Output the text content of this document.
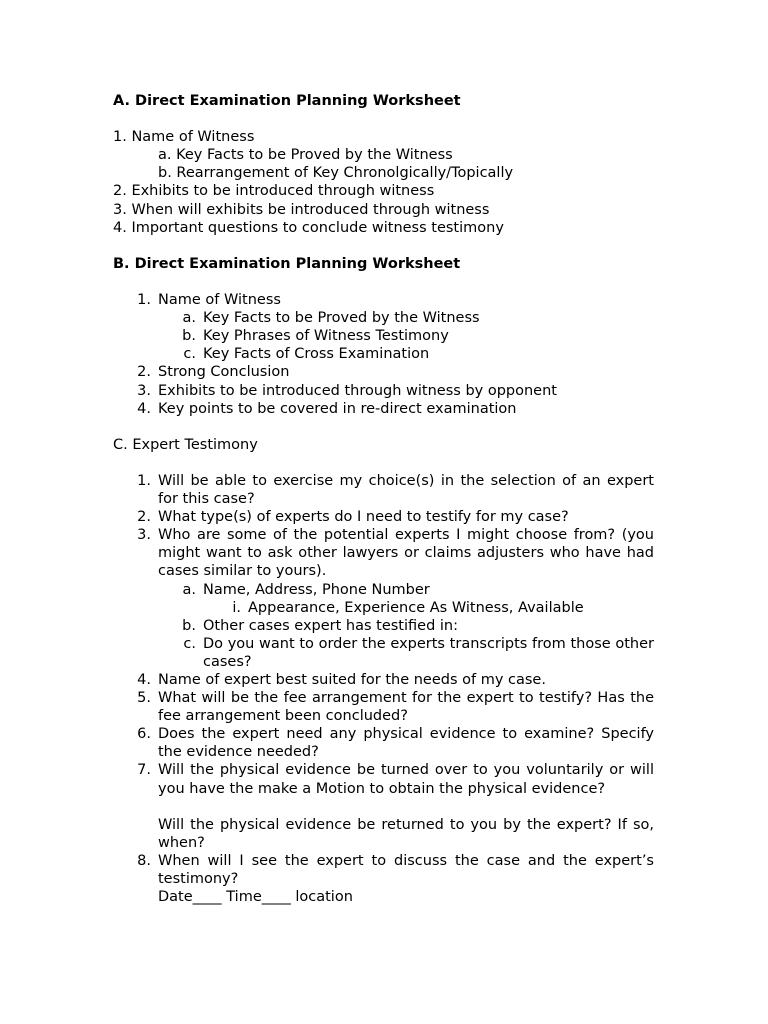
A. Direct Examination Planning Worksheet
1. Name of Witness
a. Key Facts to be Proved by the Witness
b. Rearrangement of Key Chronolgically/Topically
2. Exhibits to be introduced through witness
3. When will exhibits be introduced through witness
4. Important questions to conclude witness testimony
B. Direct Examination Planning Worksheet
1. Name of Witness
a. Key Facts to be Proved by the Witness
b. Key Phrases of Witness Testimony
c. Key Facts of Cross Examination
2. Strong Conclusion
3. Exhibits to be introduced through witness by opponent
4. Key points to be covered in re-direct examination
C. Expert Testimony
1. Will be able to exercise my choice(s) in the selection of an expert for this case?
2. What type(s) of experts do I need to testify for my case?
3. Who are some of the potential experts I might choose from? (you might want to ask other lawyers or claims adjusters who have had cases similar to yours).
a. Name, Address, Phone Number
i. Appearance, Experience As Witness, Available
b. Other cases expert has testified in:
c. Do you want to order the experts transcripts from those other cases?
4. Name of expert best suited for the needs of my case.
5. What will be the fee arrangement for the expert to testify? Has the fee arrangement been concluded?
6. Does the expert need any physical evidence to examine? Specify the evidence needed?
7. Will the physical evidence be turned over to you voluntarily or will you have the make a Motion to obtain the physical evidence?
Will the physical evidence be returned to you by the expert? If so, when?
8. When will I see the expert to discuss the case and the expert’s testimony?
Date____ Time____ location
